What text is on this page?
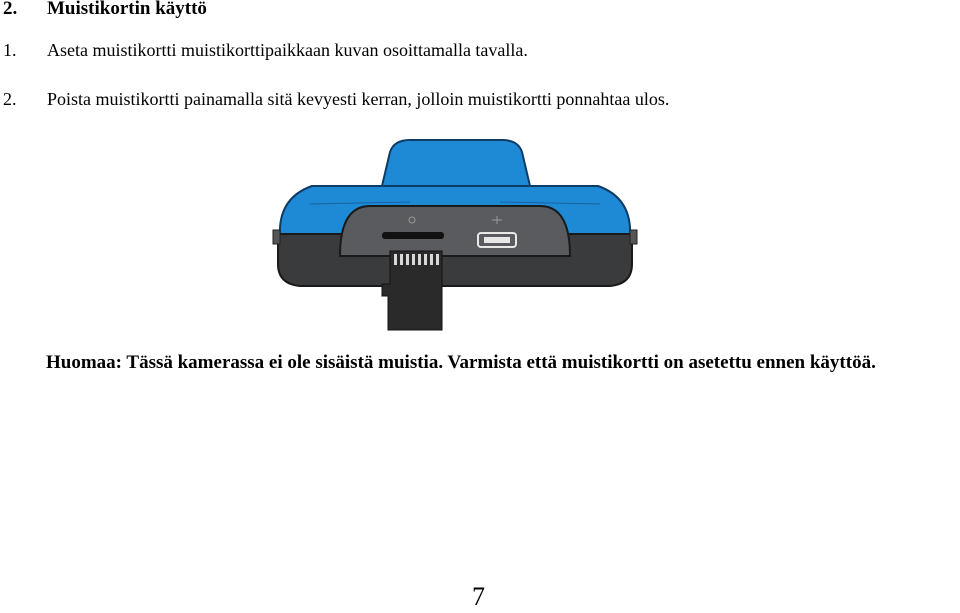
2. Muistikortin käyttö
1. Aseta muistikortti muistikorttipaikkaan kuvan osoittamalla tavalla.
2. Poista muistikortti painamalla sitä kevyesti kerran, jolloin muistikortti ponnahtaa ulos.
Huomaa: Tässä kamerassa ei ole sisäistä muistia. Varmista että muistikortti on asetettu ennen käyttöä.
7
